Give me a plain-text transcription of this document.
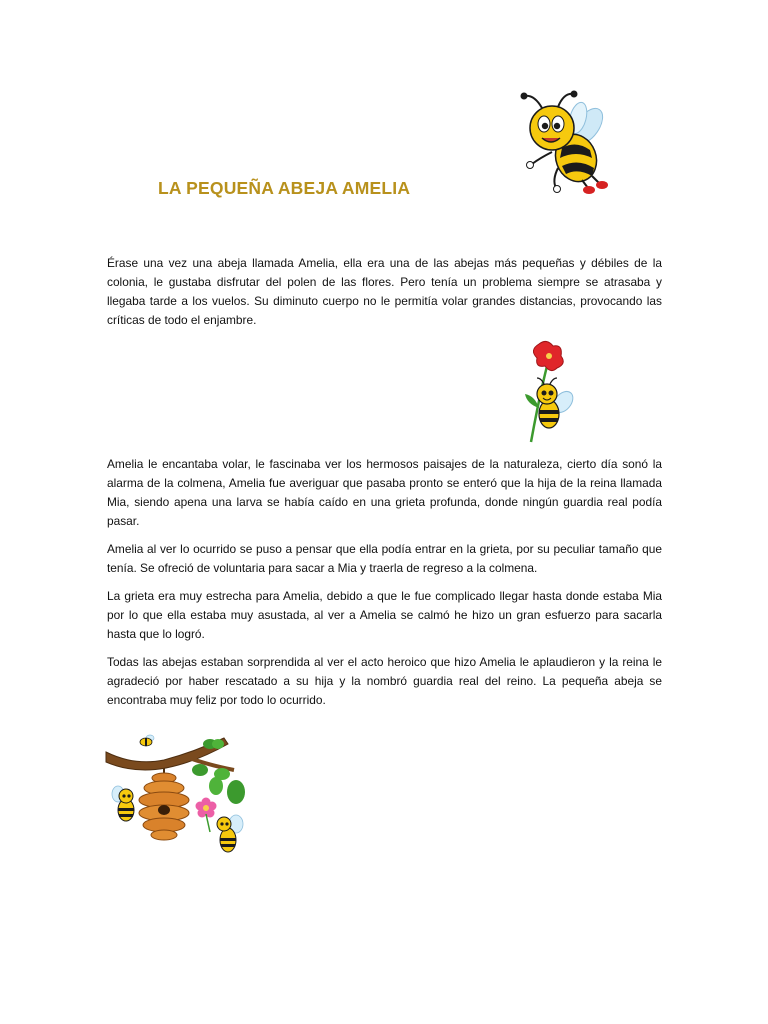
LA PEQUEÑA ABEJA AMELIA

Érase una vez una abeja llamada Amelia, ella era una de las abejas más pequeñas y débiles de la colonia, le gustaba disfrutar del polen de las flores. Pero tenía un problema siempre se atrasaba y llegaba tarde a los vuelos. Su diminuto cuerpo no le permitía volar grandes distancias, provocando las críticas de todo el enjambre.

Amelia le encantaba volar, le fascinaba ver los hermosos paisajes de la naturaleza, cierto día sonó la alarma de la colmena, Amelia fue averiguar que pasaba pronto se enteró que la hija de la reina llamada Mia, siendo apena una larva se había caído en una grieta profunda, donde ningún guardia real podía pasar.

Amelia al ver lo ocurrido se puso a pensar que ella podía entrar en la grieta, por su peculiar tamaño que tenía. Se ofreció de voluntaria para sacar a Mia y traerla de regreso a la colmena.

La grieta era muy estrecha para Amelia, debido a que le fue complicado llegar hasta donde estaba Mia por lo que ella estaba muy asustada, al ver a Amelia se calmó he hizo un gran esfuerzo para sacarla hasta que lo logró.

Todas las abejas estaban sorprendida al ver el acto heroico que hizo Amelia le aplaudieron y la reina le agradeció por haber rescatado a su hija y la nombró guardia real del reino. La pequeña abeja se encontraba muy feliz por todo lo ocurrido.
